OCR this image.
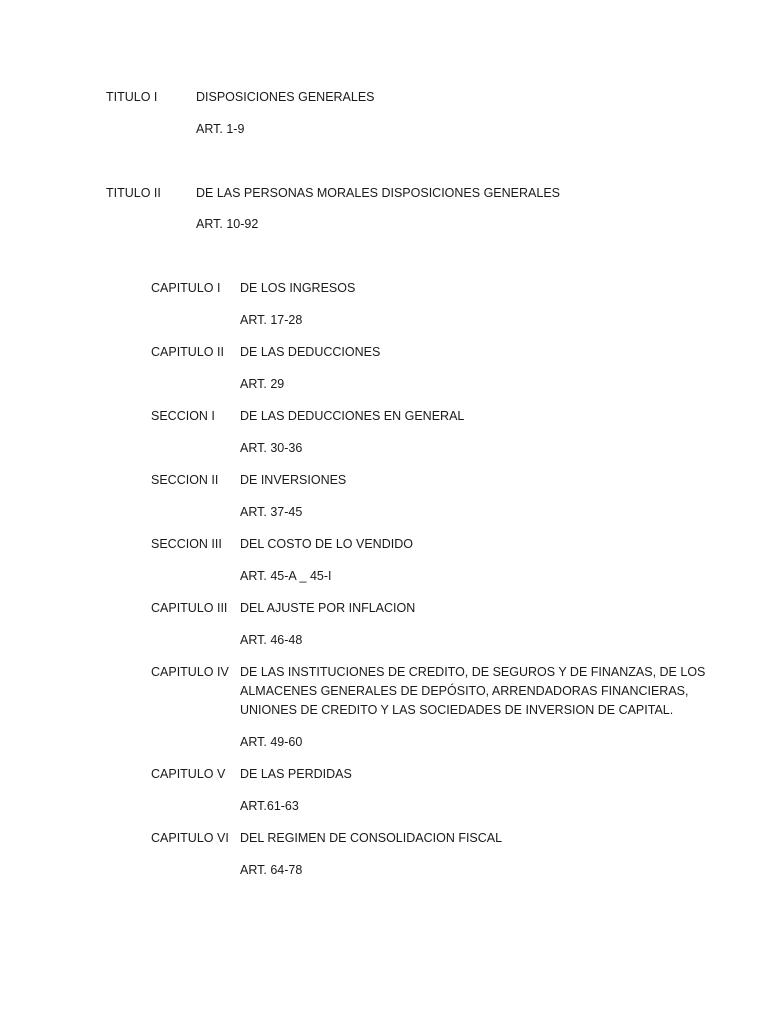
TITULO I	DISPOSICIONES GENERALES
ART. 1-9
TITULO II	DE LAS PERSONAS MORALES DISPOSICIONES GENERALES
ART. 10-92
CAPITULO I DE LOS INGRESOS
ART. 17-28
CAPITULO II DE LAS DEDUCCIONES
ART. 29
SECCION I DE LAS DEDUCCIONES EN GENERAL
ART. 30-36
SECCION II DE INVERSIONES
ART. 37-45
SECCION III DEL COSTO DE LO VENDIDO
ART. 45-A _ 45-I
CAPITULO III DEL AJUSTE POR INFLACION
ART. 46-48
CAPITULO IV DE LAS INSTITUCIONES DE CREDITO, DE SEGUROS Y DE FINANZAS, DE LOS
ALMACENES GENERALES DE DEPÓSITO, ARRENDADORAS FINANCIERAS,
UNIONES DE CREDITO Y LAS SOCIEDADES DE INVERSION DE CAPITAL.
ART. 49-60
CAPITULO V DE LAS PERDIDAS
ART.61-63
CAPITULO VI DEL REGIMEN DE CONSOLIDACION FISCAL
ART. 64-78
